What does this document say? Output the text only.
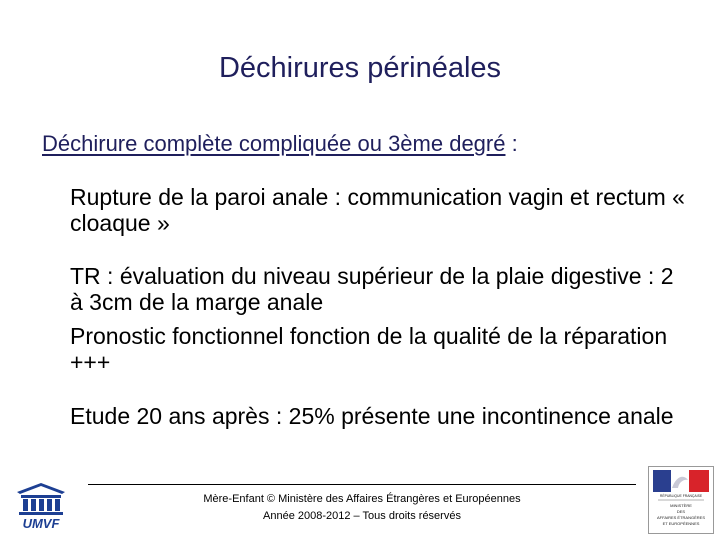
Déchirures périnéales
Déchirure complète compliquée ou 3ème degré :
Rupture de la paroi anale : communication vagin et rectum « cloaque »
TR : évaluation du niveau supérieur de la plaie digestive : 2 à 3cm de la marge anale
Pronostic fonctionnel fonction de la qualité de la réparation +++
Etude 20 ans après : 25% présente une incontinence anale
Mère-Enfant © Ministère des Affaires Étrangères et Européennes
Année 2008-2012 – Tous droits réservés
UMVF
RÉPUBLIQUE FRANÇAISE
MINISTÈRE
DES
AFFAIRES ÉTRANGÈRES
ET EUROPÉENNES
